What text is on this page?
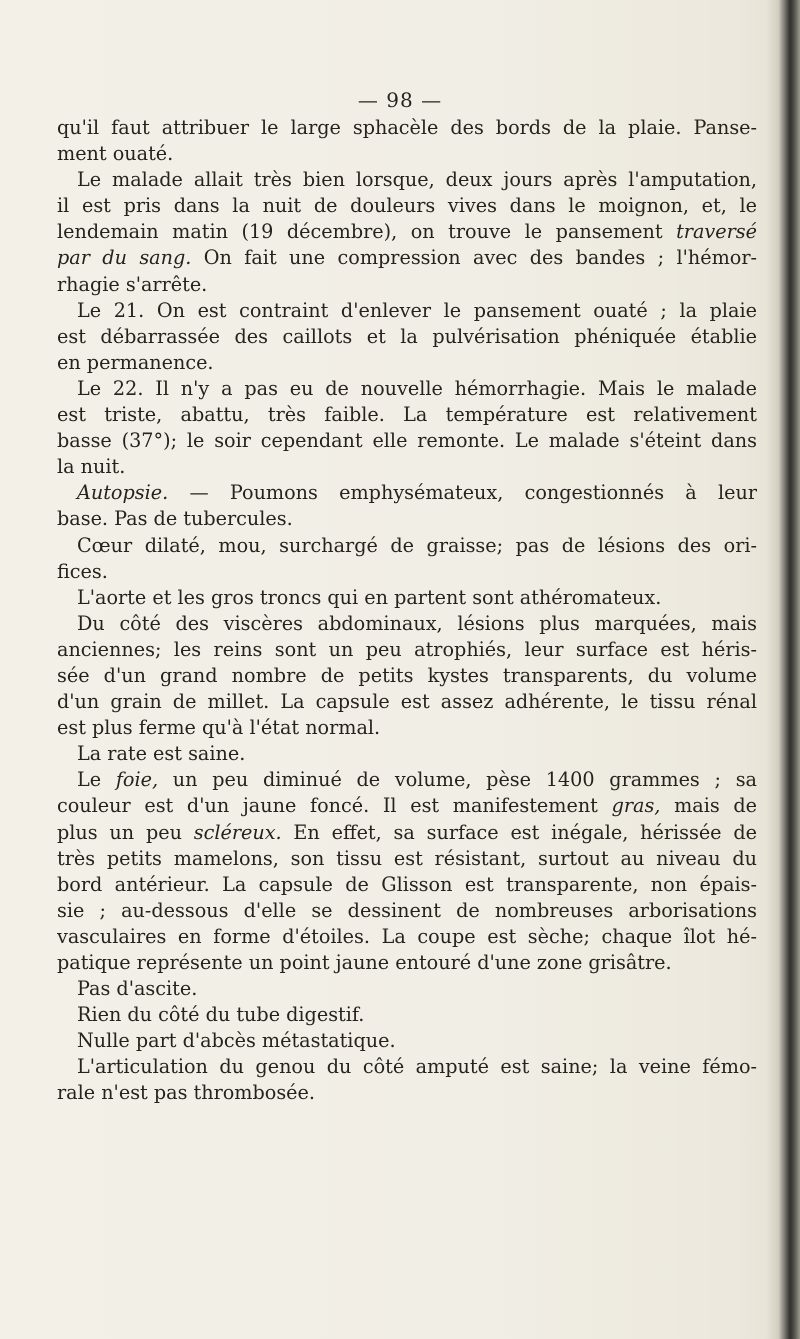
— 98 —
qu'il faut attribuer le large sphacèle des bords de la plaie. Panse-
ment ouaté.
Le malade allait très bien lorsque, deux jours après l'amputation,
il est pris dans la nuit de douleurs vives dans le moignon, et, le
lendemain matin (19 décembre), on trouve le pansement traversé
par du sang. On fait une compression avec des bandes ; l'hémor-
rhagie s'arrête.
Le 21. On est contraint d'enlever le pansement ouaté ; la plaie
est débarrassée des caillots et la pulvérisation phéniquée établie
en permanence.
Le 22. Il n'y a pas eu de nouvelle hémorrhagie. Mais le malade
est triste, abattu, très faible. La température est relativement
basse (37°); le soir cependant elle remonte. Le malade s'éteint dans
la nuit.
Autopsie. — Poumons emphysémateux, congestionnés à leur
base. Pas de tubercules.
Cœur dilaté, mou, surchargé de graisse; pas de lésions des ori-
fices.
L'aorte et les gros troncs qui en partent sont athéromateux.
Du côté des viscères abdominaux, lésions plus marquées, mais
anciennes; les reins sont un peu atrophiés, leur surface est héris-
sée d'un grand nombre de petits kystes transparents, du volume
d'un grain de millet. La capsule est assez adhérente, le tissu rénal
est plus ferme qu'à l'état normal.
La rate est saine.
Le foie, un peu diminué de volume, pèse 1400 grammes ; sa
couleur est d'un jaune foncé. Il est manifestement gras, mais de
plus un peu scléreux. En effet, sa surface est inégale, hérissée de
très petits mamelons, son tissu est résistant, surtout au niveau du
bord antérieur. La capsule de Glisson est transparente, non épais-
sie ; au-dessous d'elle se dessinent de nombreuses arborisations
vasculaires en forme d'étoiles. La coupe est sèche; chaque îlot hé-
patique représente un point jaune entouré d'une zone grisâtre.
Pas d'ascite.
Rien du côté du tube digestif.
Nulle part d'abcès métastatique.
L'articulation du genou du côté amputé est saine; la veine fémo-
rale n'est pas thrombosée.
